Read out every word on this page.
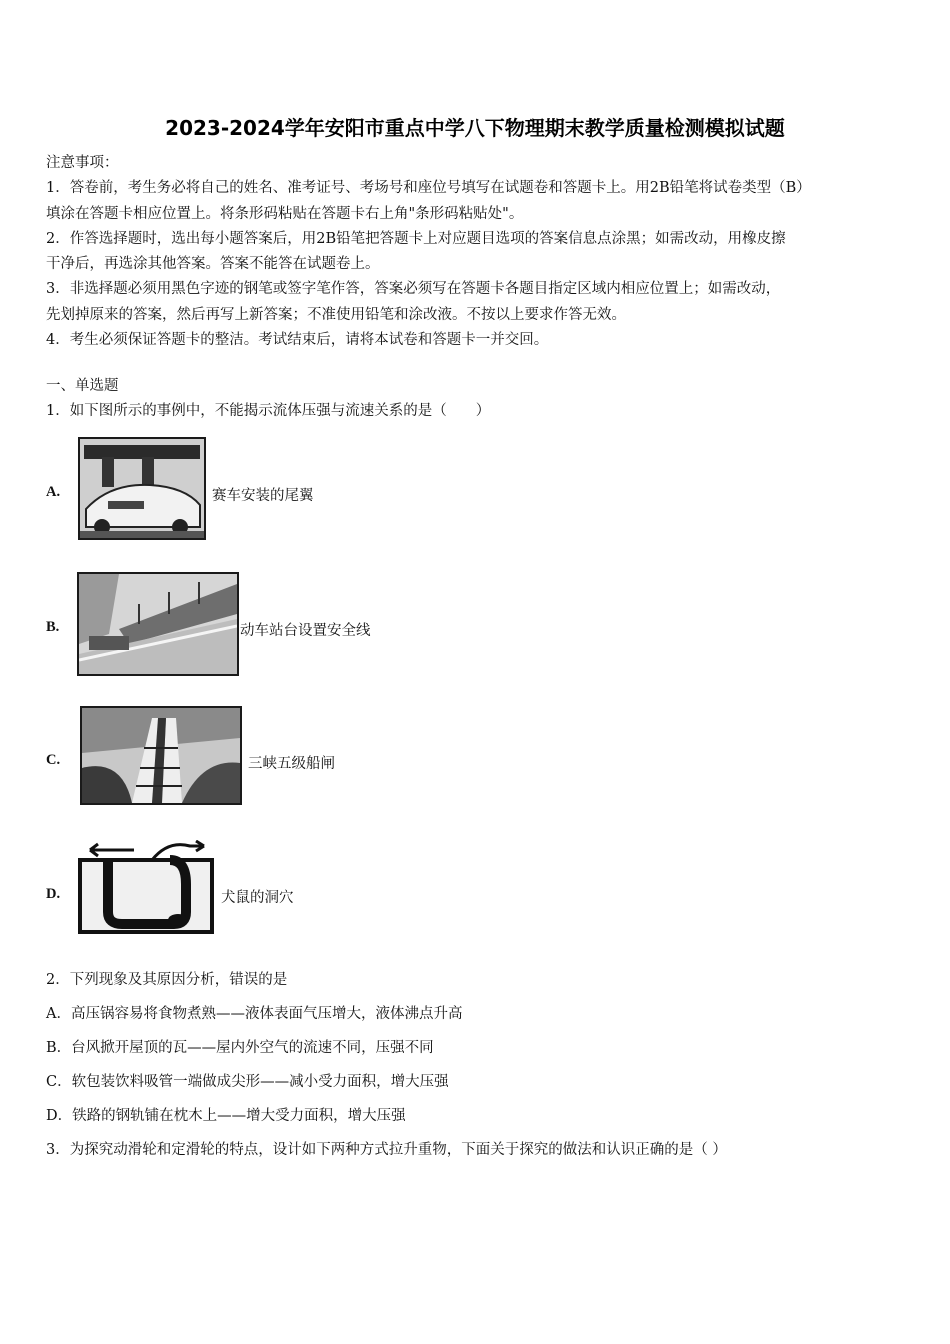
2023-2024学年安阳市重点中学八下物理期末教学质量检测模拟试题
注意事项：
1．答卷前，考生务必将自己的姓名、准考证号、考场号和座位号填写在试题卷和答题卡上。用2B铅笔将试卷类型（B）
填涂在答题卡相应位置上。将条形码粘贴在答题卡右上角"条形码粘贴处"。
2．作答选择题时，选出每小题答案后，用2B铅笔把答题卡上对应题目选项的答案信息点涂黑；如需改动，用橡皮擦
干净后，再选涂其他答案。答案不能答在试题卷上。
3．非选择题必须用黑色字迹的钢笔或签字笔作答，答案必须写在答题卡各题目指定区域内相应位置上；如需改动，
先划掉原来的答案，然后再写上新答案；不准使用铅笔和涂改液。不按以上要求作答无效。
4．考生必须保证答题卡的整洁。考试结束后，请将本试卷和答题卡一并交回。
一、单选题
1．如下图所示的事例中，不能揭示流体压强与流速关系的是（　　）
A.	赛车安装的尾翼
B.	动车站台设置安全线
C.	三峡五级船闸
D.	犬鼠的洞穴
2．下列现象及其原因分析，错误的是
A．高压锅容易将食物煮熟——液体表面气压增大，液体沸点升高
B．台风掀开屋顶的瓦——屋内外空气的流速不同，压强不同
C．软包装饮料吸管一端做成尖形——减小受力面积，增大压强
D．铁路的钢轨铺在枕木上——增大受力面积，增大压强
3．为探究动滑轮和定滑轮的特点，设计如下两种方式拉升重物，下面关于探究的做法和认识正确的是（ ）
